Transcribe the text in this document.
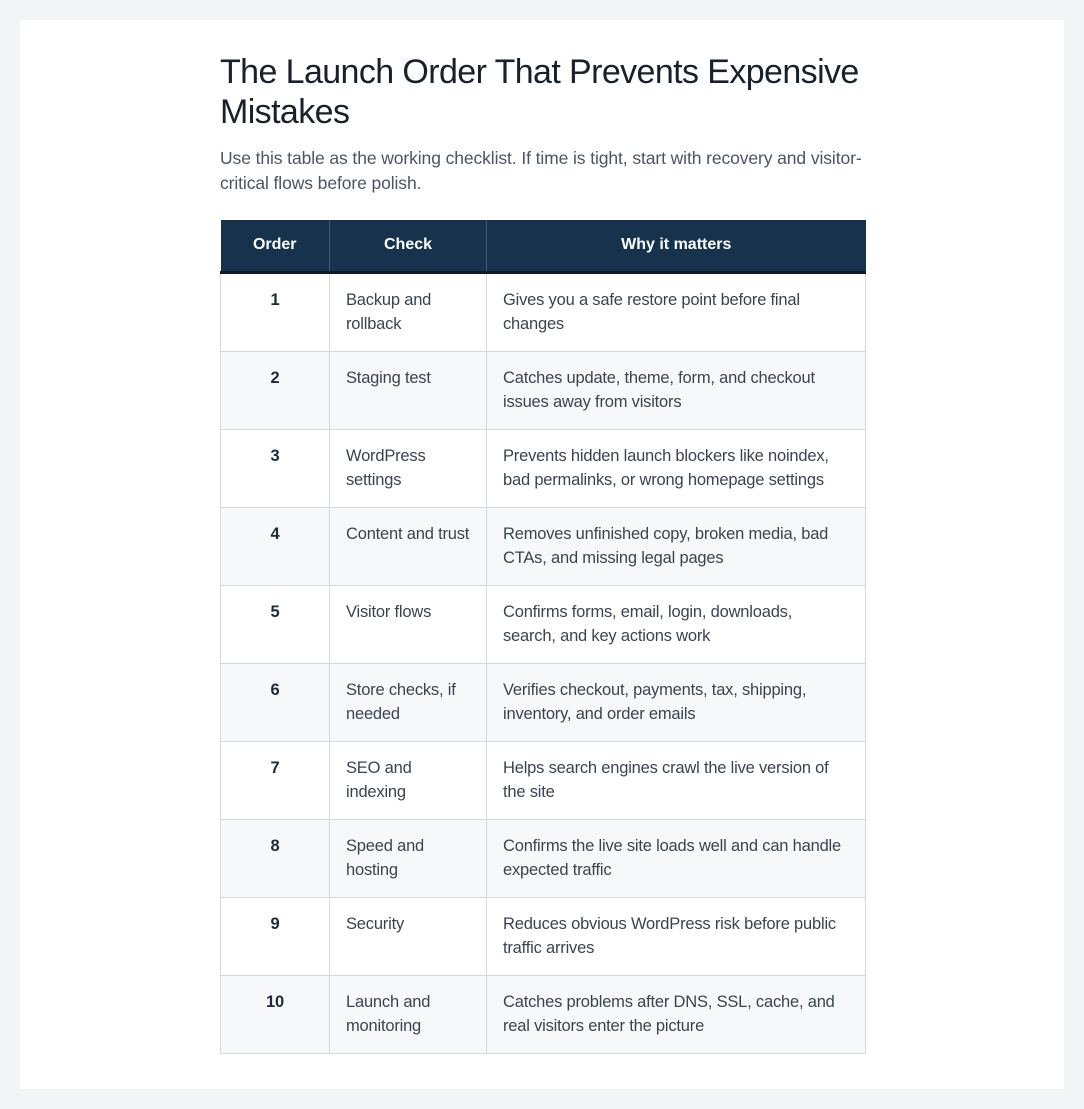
The Launch Order That Prevents Expensive Mistakes

Use this table as the working checklist. If time is tight, start with recovery and visitor-critical flows before polish.

Order	Check	Why it matters
1	Backup and rollback	Gives you a safe restore point before final changes
2	Staging test	Catches update, theme, form, and checkout issues away from visitors
3	WordPress settings	Prevents hidden launch blockers like noindex, bad permalinks, or wrong homepage settings
4	Content and trust	Removes unfinished copy, broken media, bad CTAs, and missing legal pages
5	Visitor flows	Confirms forms, email, login, downloads, search, and key actions work
6	Store checks, if needed	Verifies checkout, payments, tax, shipping, inventory, and order emails
7	SEO and indexing	Helps search engines crawl the live version of the site
8	Speed and hosting	Confirms the live site loads well and can handle expected traffic
9	Security	Reduces obvious WordPress risk before public traffic arrives
10	Launch and monitoring	Catches problems after DNS, SSL, cache, and real visitors enter the picture
